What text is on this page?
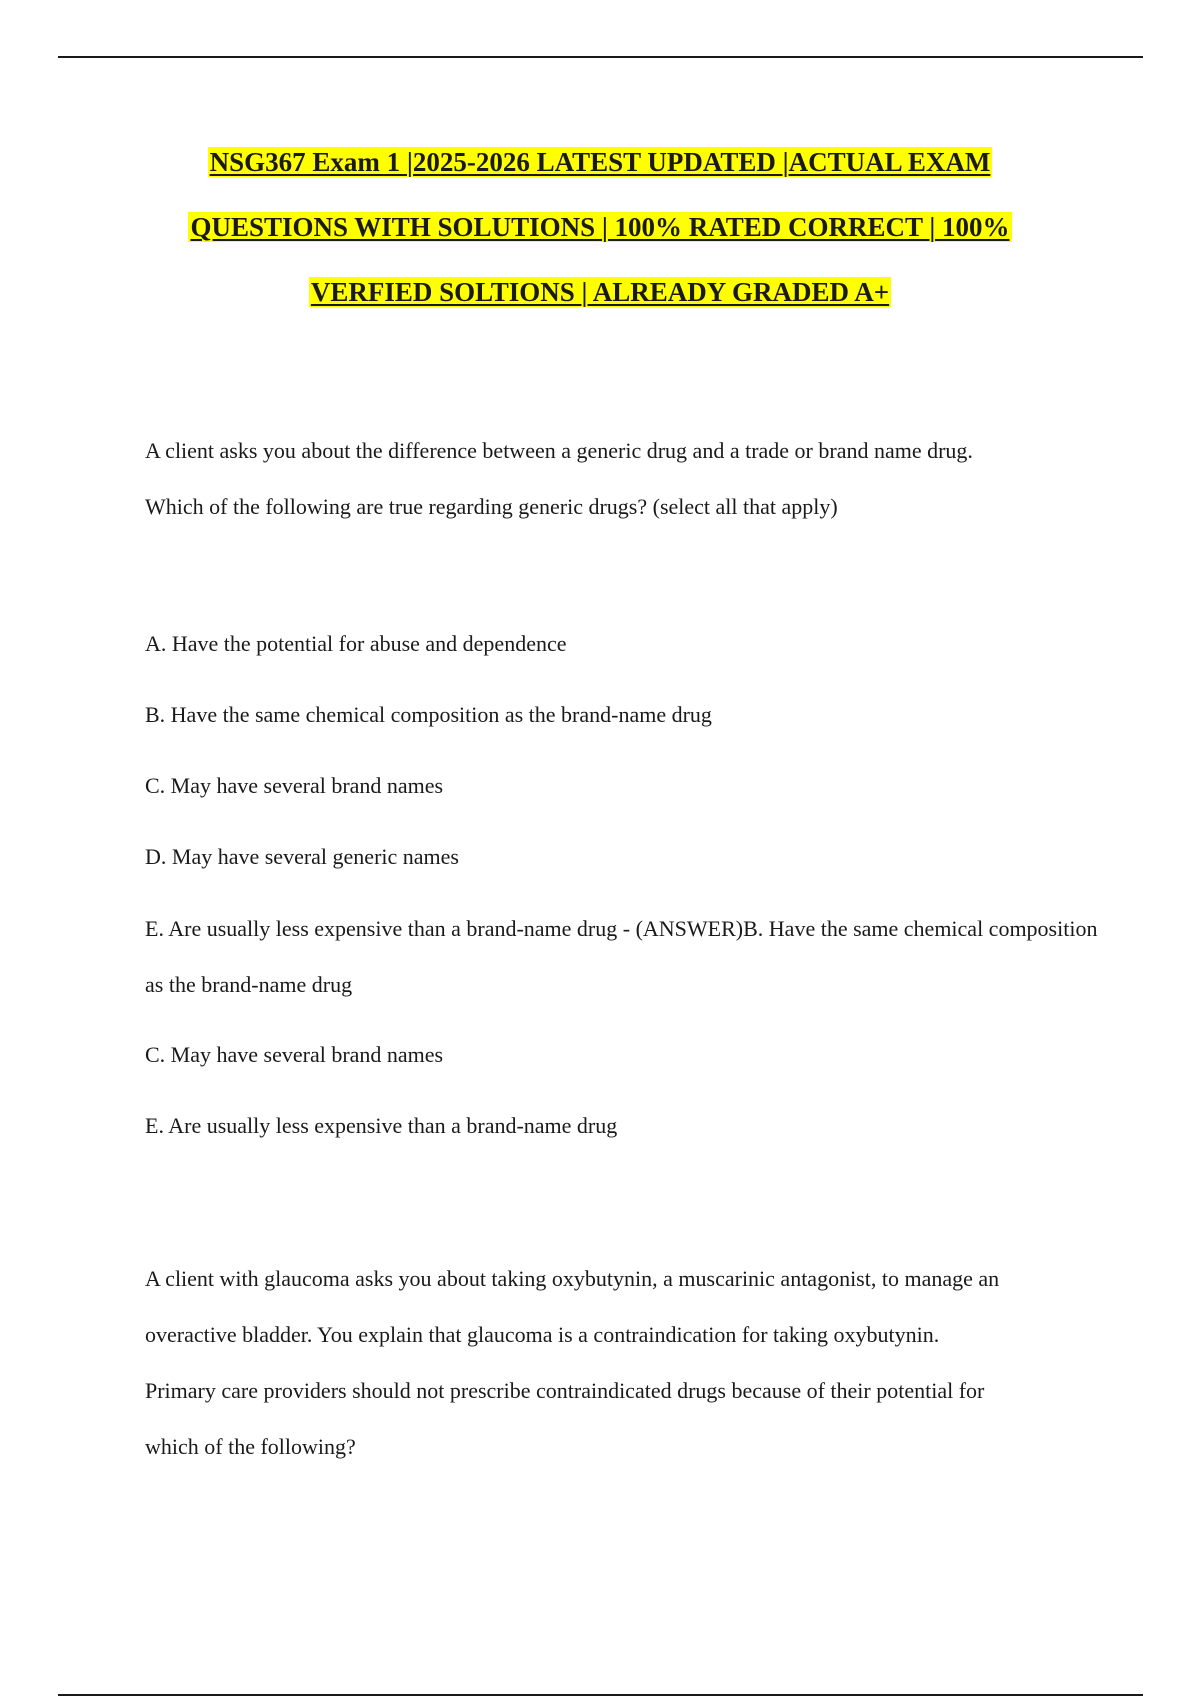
NSG367 Exam 1 |2025-2026 LATEST UPDATED |ACTUAL EXAM
QUESTIONS WITH SOLUTIONS | 100% RATED CORRECT | 100%
VERFIED SOLTIONS | ALREADY GRADED A+

A client asks you about the difference between a generic drug and a trade or brand name drug.

Which of the following are true regarding generic drugs? (select all that apply)

A. Have the potential for abuse and dependence

B. Have the same chemical composition as the brand-name drug

C. May have several brand names

D. May have several generic names

E. Are usually less expensive than a brand-name drug - (ANSWER)B. Have the same chemical composition as the brand-name drug

C. May have several brand names

E. Are usually less expensive than a brand-name drug

A client with glaucoma asks you about taking oxybutynin, a muscarinic antagonist, to manage an

overactive bladder. You explain that glaucoma is a contraindication for taking oxybutynin.

Primary care providers should not prescribe contraindicated drugs because of their potential for

which of the following?
